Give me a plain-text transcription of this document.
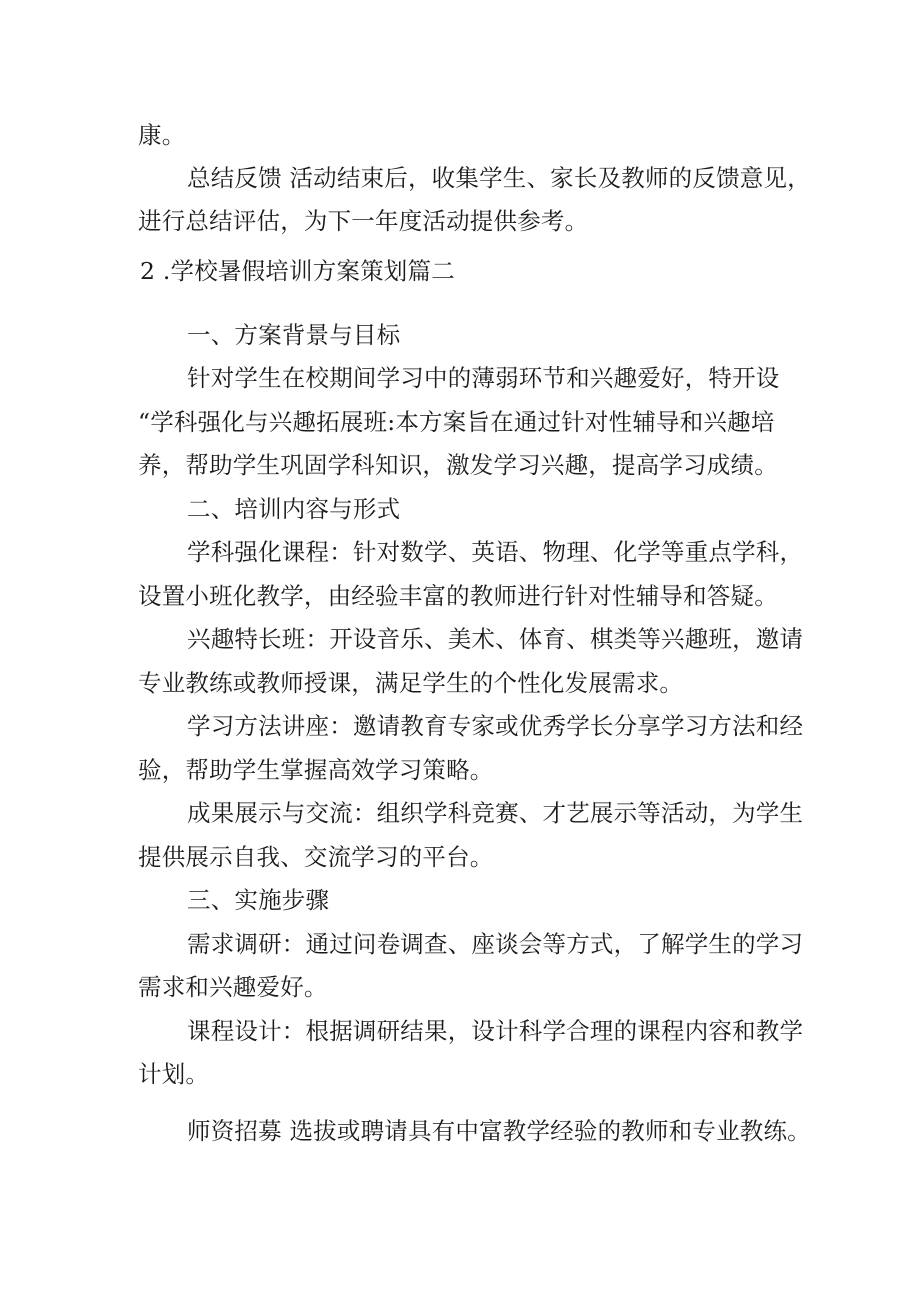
康。
总结反馈 活动结束后，收集学生、家长及教师的反馈意见，
进行总结评估，为下一年度活动提供参考。
2 .学校暑假培训方案策划篇二
一、方案背景与目标
针对学生在校期间学习中的薄弱环节和兴趣爱好，特开设
“学科强化与兴趣拓展班:本方案旨在通过针对性辅导和兴趣培
养，帮助学生巩固学科知识，激发学习兴趣，提高学习成绩。
二、培训内容与形式
学科强化课程：针对数学、英语、物理、化学等重点学科，
设置小班化教学，由经验丰富的教师进行针对性辅导和答疑。
兴趣特长班：开设音乐、美术、体育、棋类等兴趣班，邀请
专业教练或教师授课，满足学生的个性化发展需求。
学习方法讲座：邀请教育专家或优秀学长分享学习方法和经
验，帮助学生掌握高效学习策略。
成果展示与交流：组织学科竞赛、才艺展示等活动，为学生
提供展示自我、交流学习的平台。
三、实施步骤
需求调研：通过问卷调查、座谈会等方式，了解学生的学习
需求和兴趣爱好。
课程设计：根据调研结果，设计科学合理的课程内容和教学
计划。
师资招募 选拔或聘请具有中富教学经验的教师和专业教练。
